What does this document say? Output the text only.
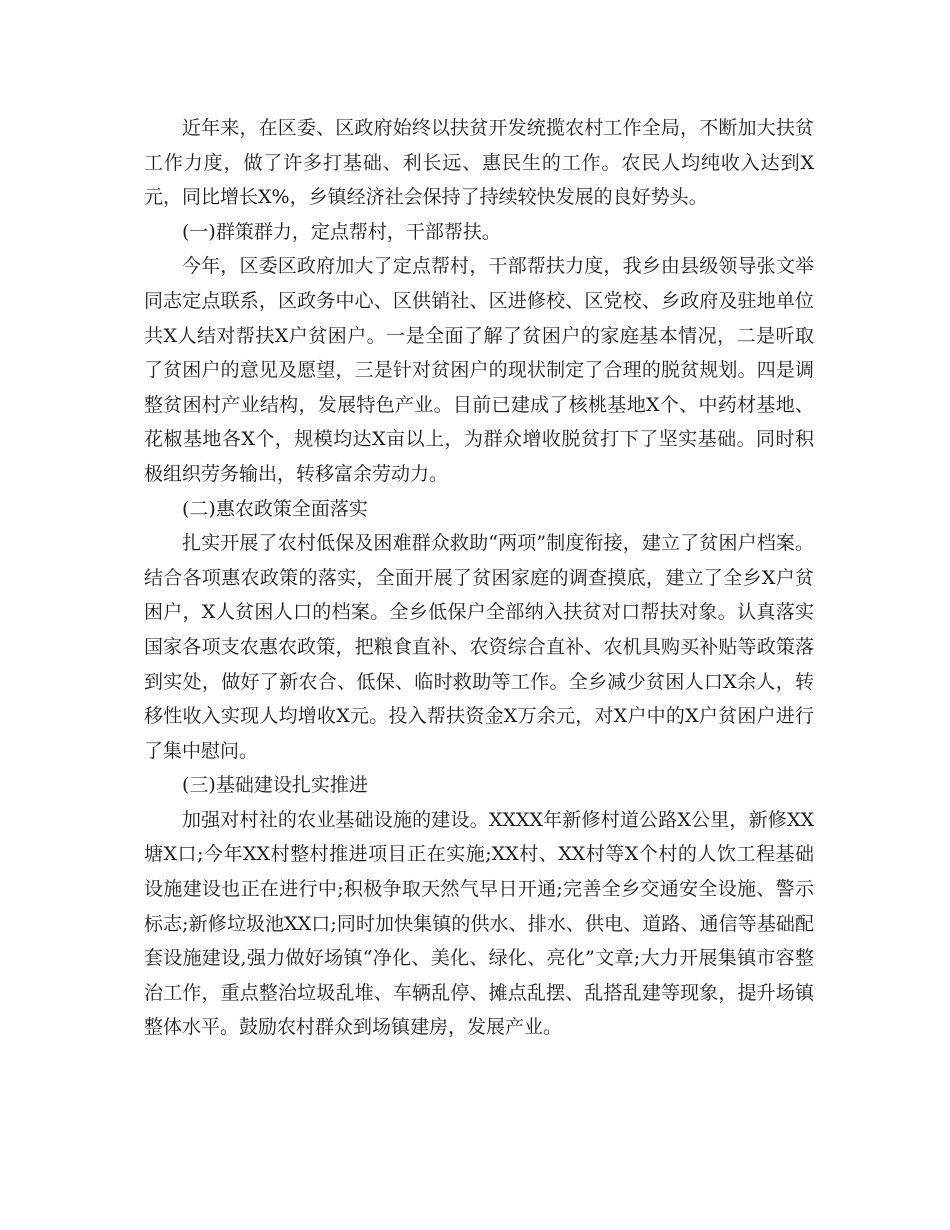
近年来，在区委、区政府始终以扶贫开发统揽农村工作全局，不断加大扶贫工作力度，做了许多打基础、利长远、惠民生的工作。农民人均纯收入达到X元，同比增长X%，乡镇经济社会保持了持续较快发展的良好势头。

(一)群策群力，定点帮村，干部帮扶。

今年，区委区政府加大了定点帮村，干部帮扶力度，我乡由县级领导张文举同志定点联系，区政务中心、区供销社、区进修校、区党校、乡政府及驻地单位共X人结对帮扶X户贫困户。一是全面了解了贫困户的家庭基本情况，二是听取了贫困户的意见及愿望，三是针对贫困户的现状制定了合理的脱贫规划。四是调整贫困村产业结构，发展特色产业。目前已建成了核桃基地X个、中药材基地、花椒基地各X个，规模均达X亩以上，为群众增收脱贫打下了坚实基础。同时积极组织劳务输出，转移富余劳动力。

(二)惠农政策全面落实

扎实开展了农村低保及困难群众救助“两项”制度衔接，建立了贫困户档案。结合各项惠农政策的落实，全面开展了贫困家庭的调查摸底，建立了全乡X户贫困户，X人贫困人口的档案。全乡低保户全部纳入扶贫对口帮扶对象。认真落实国家各项支农惠农政策，把粮食直补、农资综合直补、农机具购买补贴等政策落到实处，做好了新农合、低保、临时救助等工作。全乡减少贫困人口X余人，转移性收入实现人均增收X元。投入帮扶资金X万余元，对X户中的X户贫困户进行了集中慰问。

(三)基础建设扎实推进

加强对村社的农业基础设施的建设。XXXX年新修村道公路X公里，新修XX塘X口;今年XX村整村推进项目正在实施;XX村、XX村等X个村的人饮工程基础设施建设也正在进行中;积极争取天然气早日开通;完善全乡交通安全设施、警示标志;新修垃圾池XX口;同时加快集镇的供水、排水、供电、道路、通信等基础配套设施建设,强力做好场镇“净化、美化、绿化、亮化”文章;大力开展集镇市容整治工作，重点整治垃圾乱堆、车辆乱停、摊点乱摆、乱搭乱建等现象，提升场镇整体水平。鼓励农村群众到场镇建房，发展产业。
